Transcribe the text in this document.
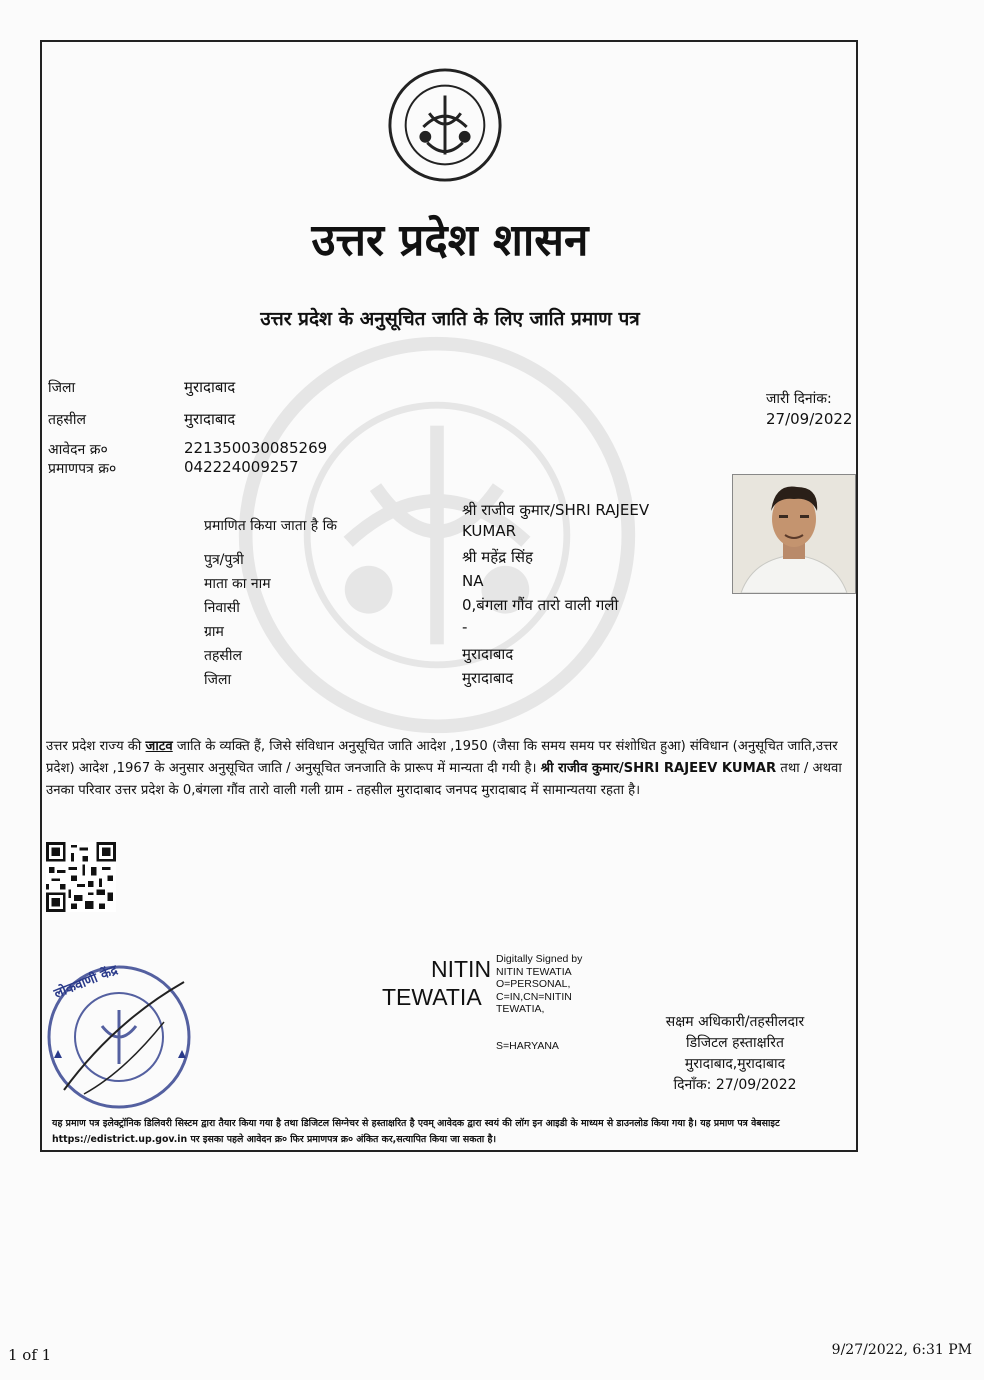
उत्तर प्रदेश शासन
उत्तर प्रदेश के अनुसूचित जाति के लिए जाति प्रमाण पत्र
जिला	मुरादाबाद
तहसील	मुरादाबाद
आवेदन क्र०	221350030085269
प्रमाणपत्र क्र०	042224009257
जारी दिनांक:
27/09/2022
प्रमाणित किया जाता है कि
श्री राजीव कुमार/SHRI RAJEEV
KUMAR
पुत्र/पुत्री	श्री महेंद्र सिंह
माता का नाम	NA
निवासी	0,बंगला गौंव तारो वाली गली
ग्राम	-
तहसील	मुरादाबाद
जिला	मुरादाबाद
उत्तर प्रदेश राज्य की जाटव जाति के व्यक्ति हैं, जिसे संविधान अनुसूचित जाति आदेश ,1950 (जैसा कि समय समय पर संशोधित हुआ) संविधान (अनुसूचित जाति,उत्तर प्रदेश) आदेश ,1967 के अनुसार अनुसूचित जाति / अनुसूचित जनजाति के प्रारूप में मान्यता दी गयी है। श्री राजीव कुमार/SHRI RAJEEV KUMAR तथा / अथवा उनका परिवार उत्तर प्रदेश के 0,बंगला गौंव तारो वाली गली ग्राम - तहसील मुरादाबाद जनपद मुरादाबाद में सामान्यतया रहता है।
लोकवाणी केंद्र	NITIN
TEWATIA
Digitally Signed by
NITIN TEWATIA
O=PERSONAL,
C=IN,CN=NITIN
TEWATIA,
S=HARYANA
सक्षम अधिकारी/तहसीलदार
डिजिटल हस्ताक्षरित
मुरादाबाद,मुरादाबाद
दिनाँक: 27/09/2022
यह प्रमाण पत्र इलेक्ट्रॉनिक डिलिवरी सिस्टम द्वारा तैयार किया गया है तथा डिजिटल सिग्नेचर से हस्ताक्षरित है एवम् आवेदक द्वारा स्वयं की लॉग इन आइडी के माध्यम से डाउनलोड किया गया है। यह प्रमाण पत्र वेबसाइट https://edistrict.up.gov.in पर इसका पहले आवेदन क्र० फिर प्रमाणपत्र क्र० अंकित कर,सत्यापित किया जा सकता है।
1 of 1	9/27/2022, 6:31 PM
